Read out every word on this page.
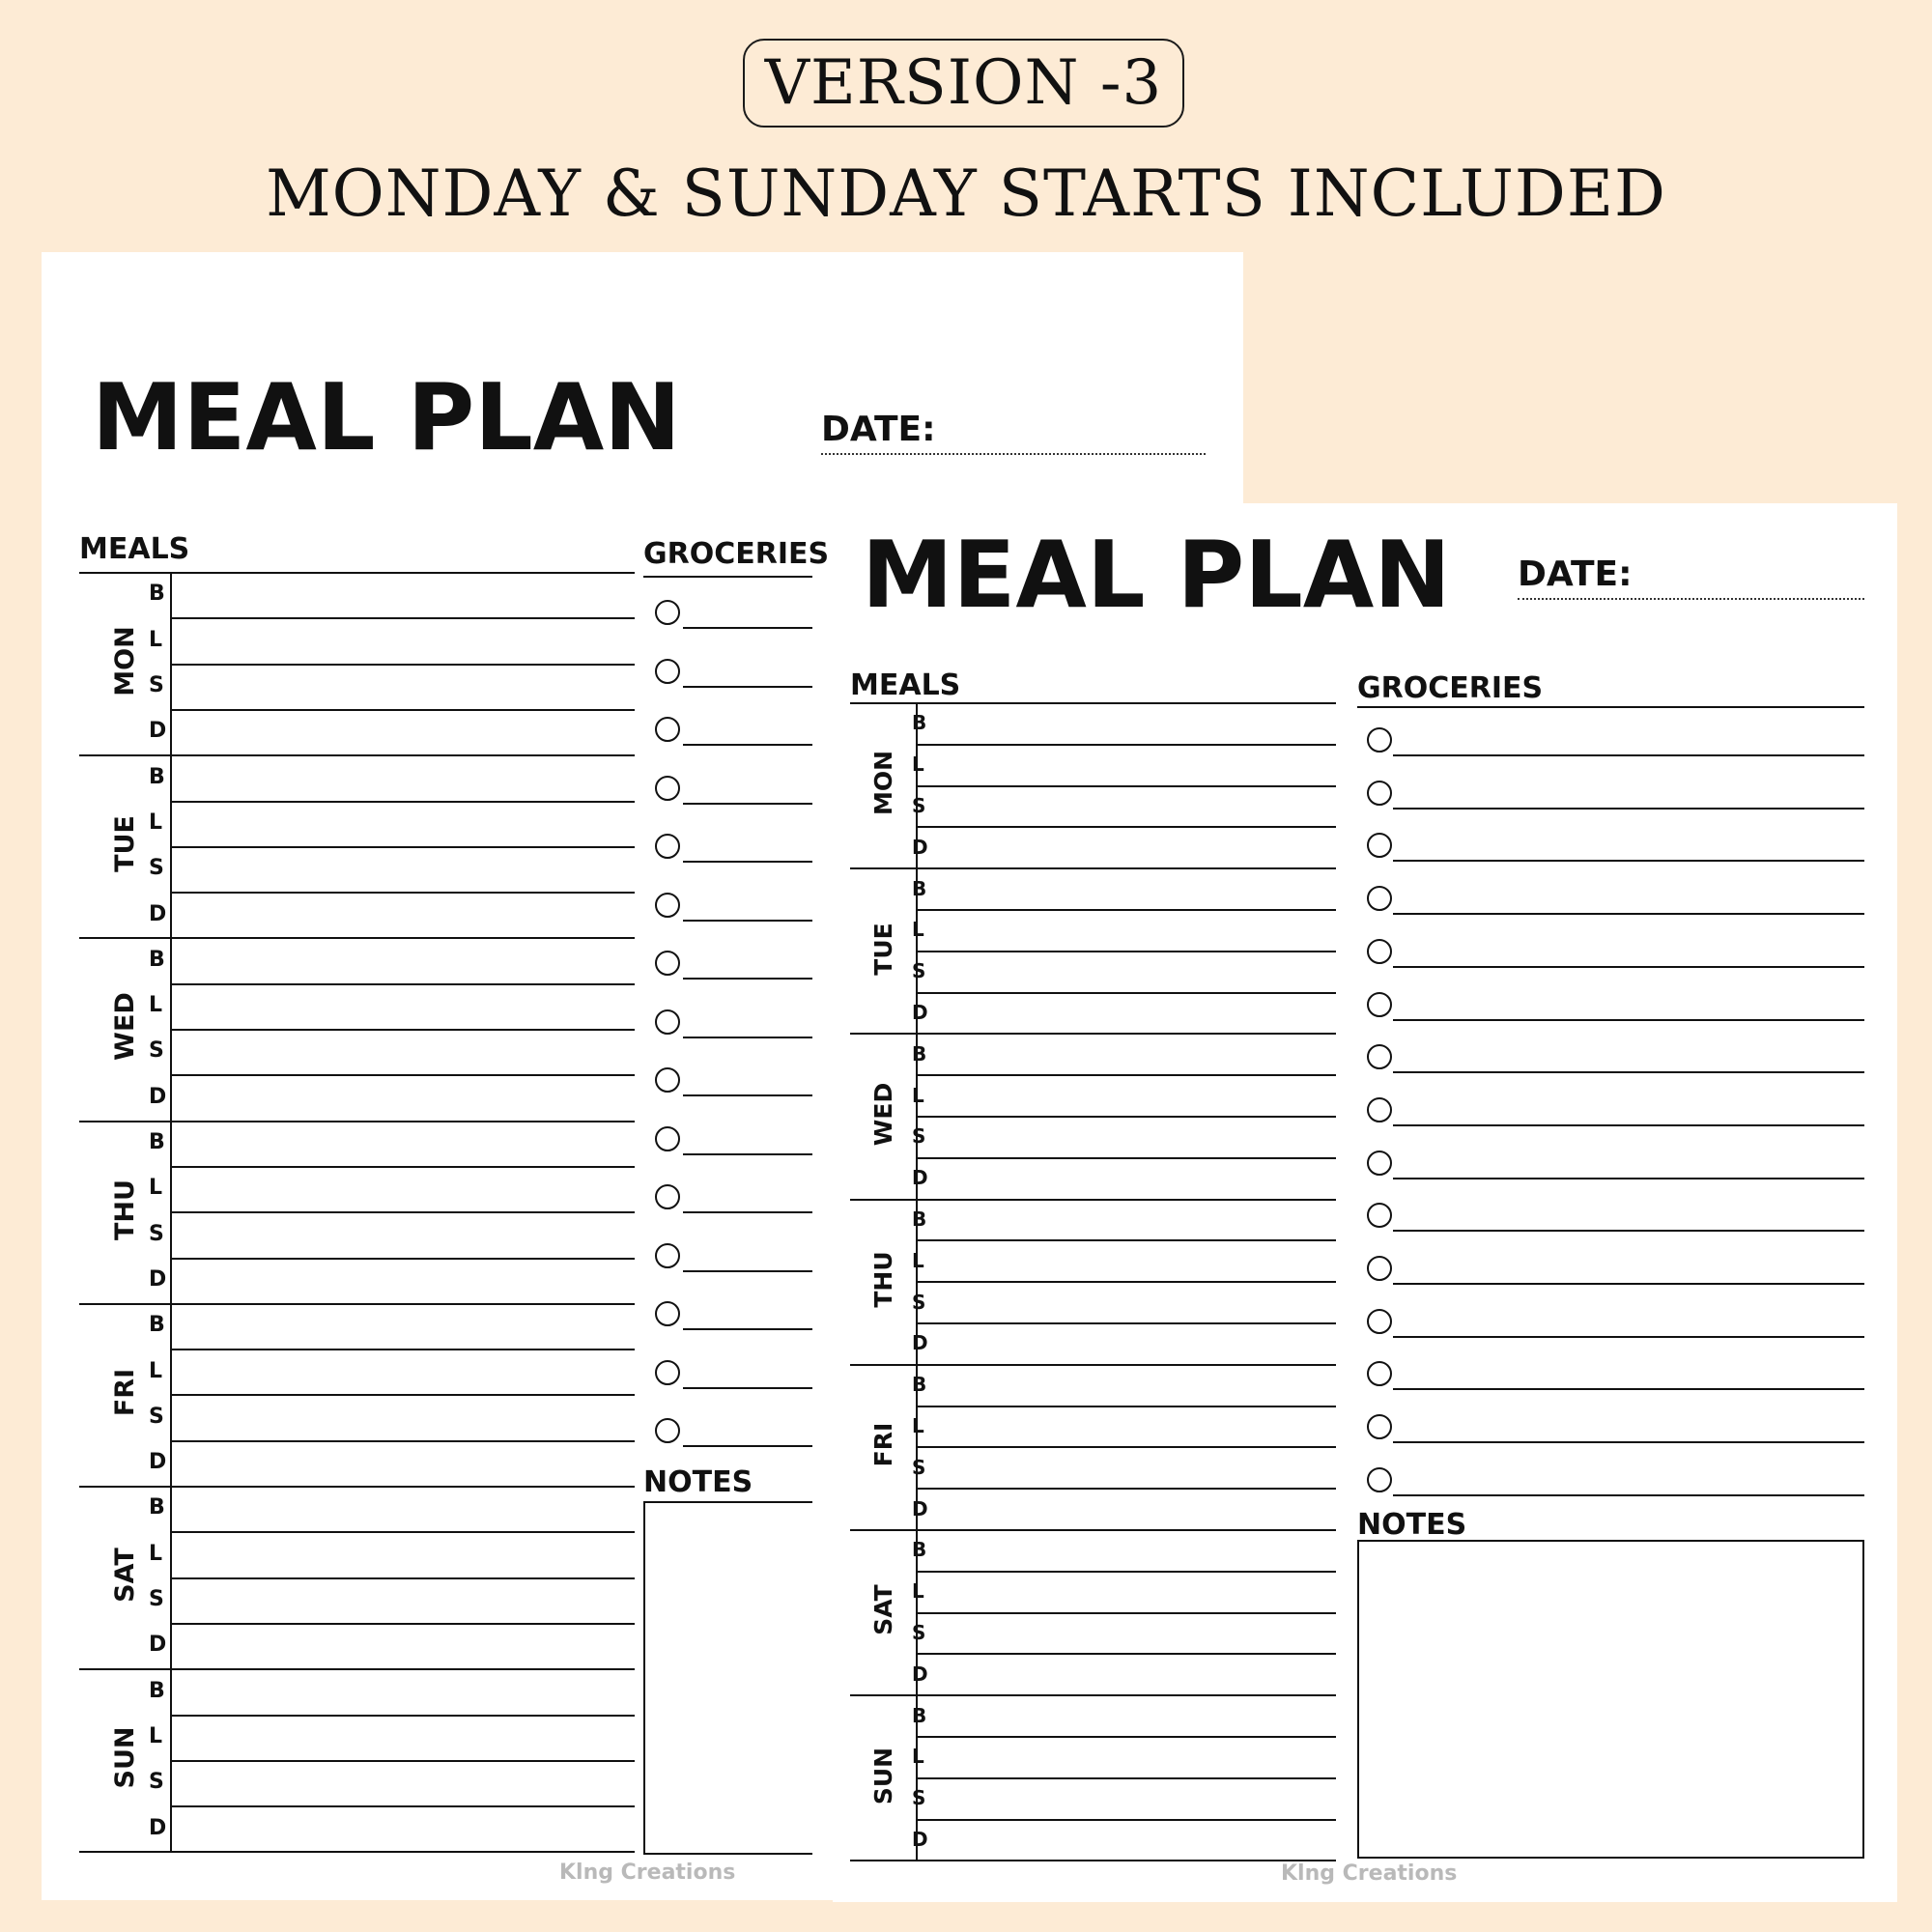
VERSION -3
MONDAY & SUNDAY STARTS INCLUDED
MEAL PLAN	DATE:
MEALS
MON
B
L
S
D
TUE
B
L
S
D
WED
B
L
S
D
THU
B
L
S
D
FRI
B
L
S
D
SAT
B
L
S
D
SUN
B
L
S
D
GROCERIES
NOTES
Klng Creations
MEAL PLAN DATE:
MEALS
MON
B
L
S
D
TUE
B
L
S
D
WED
B
L
S
D
THU
B
L
S
D
FRI
B
L
S
D
SAT
B
L
S
D
SUN
B
L
S
D
GROCERIES
NOTES
Klng Creations
